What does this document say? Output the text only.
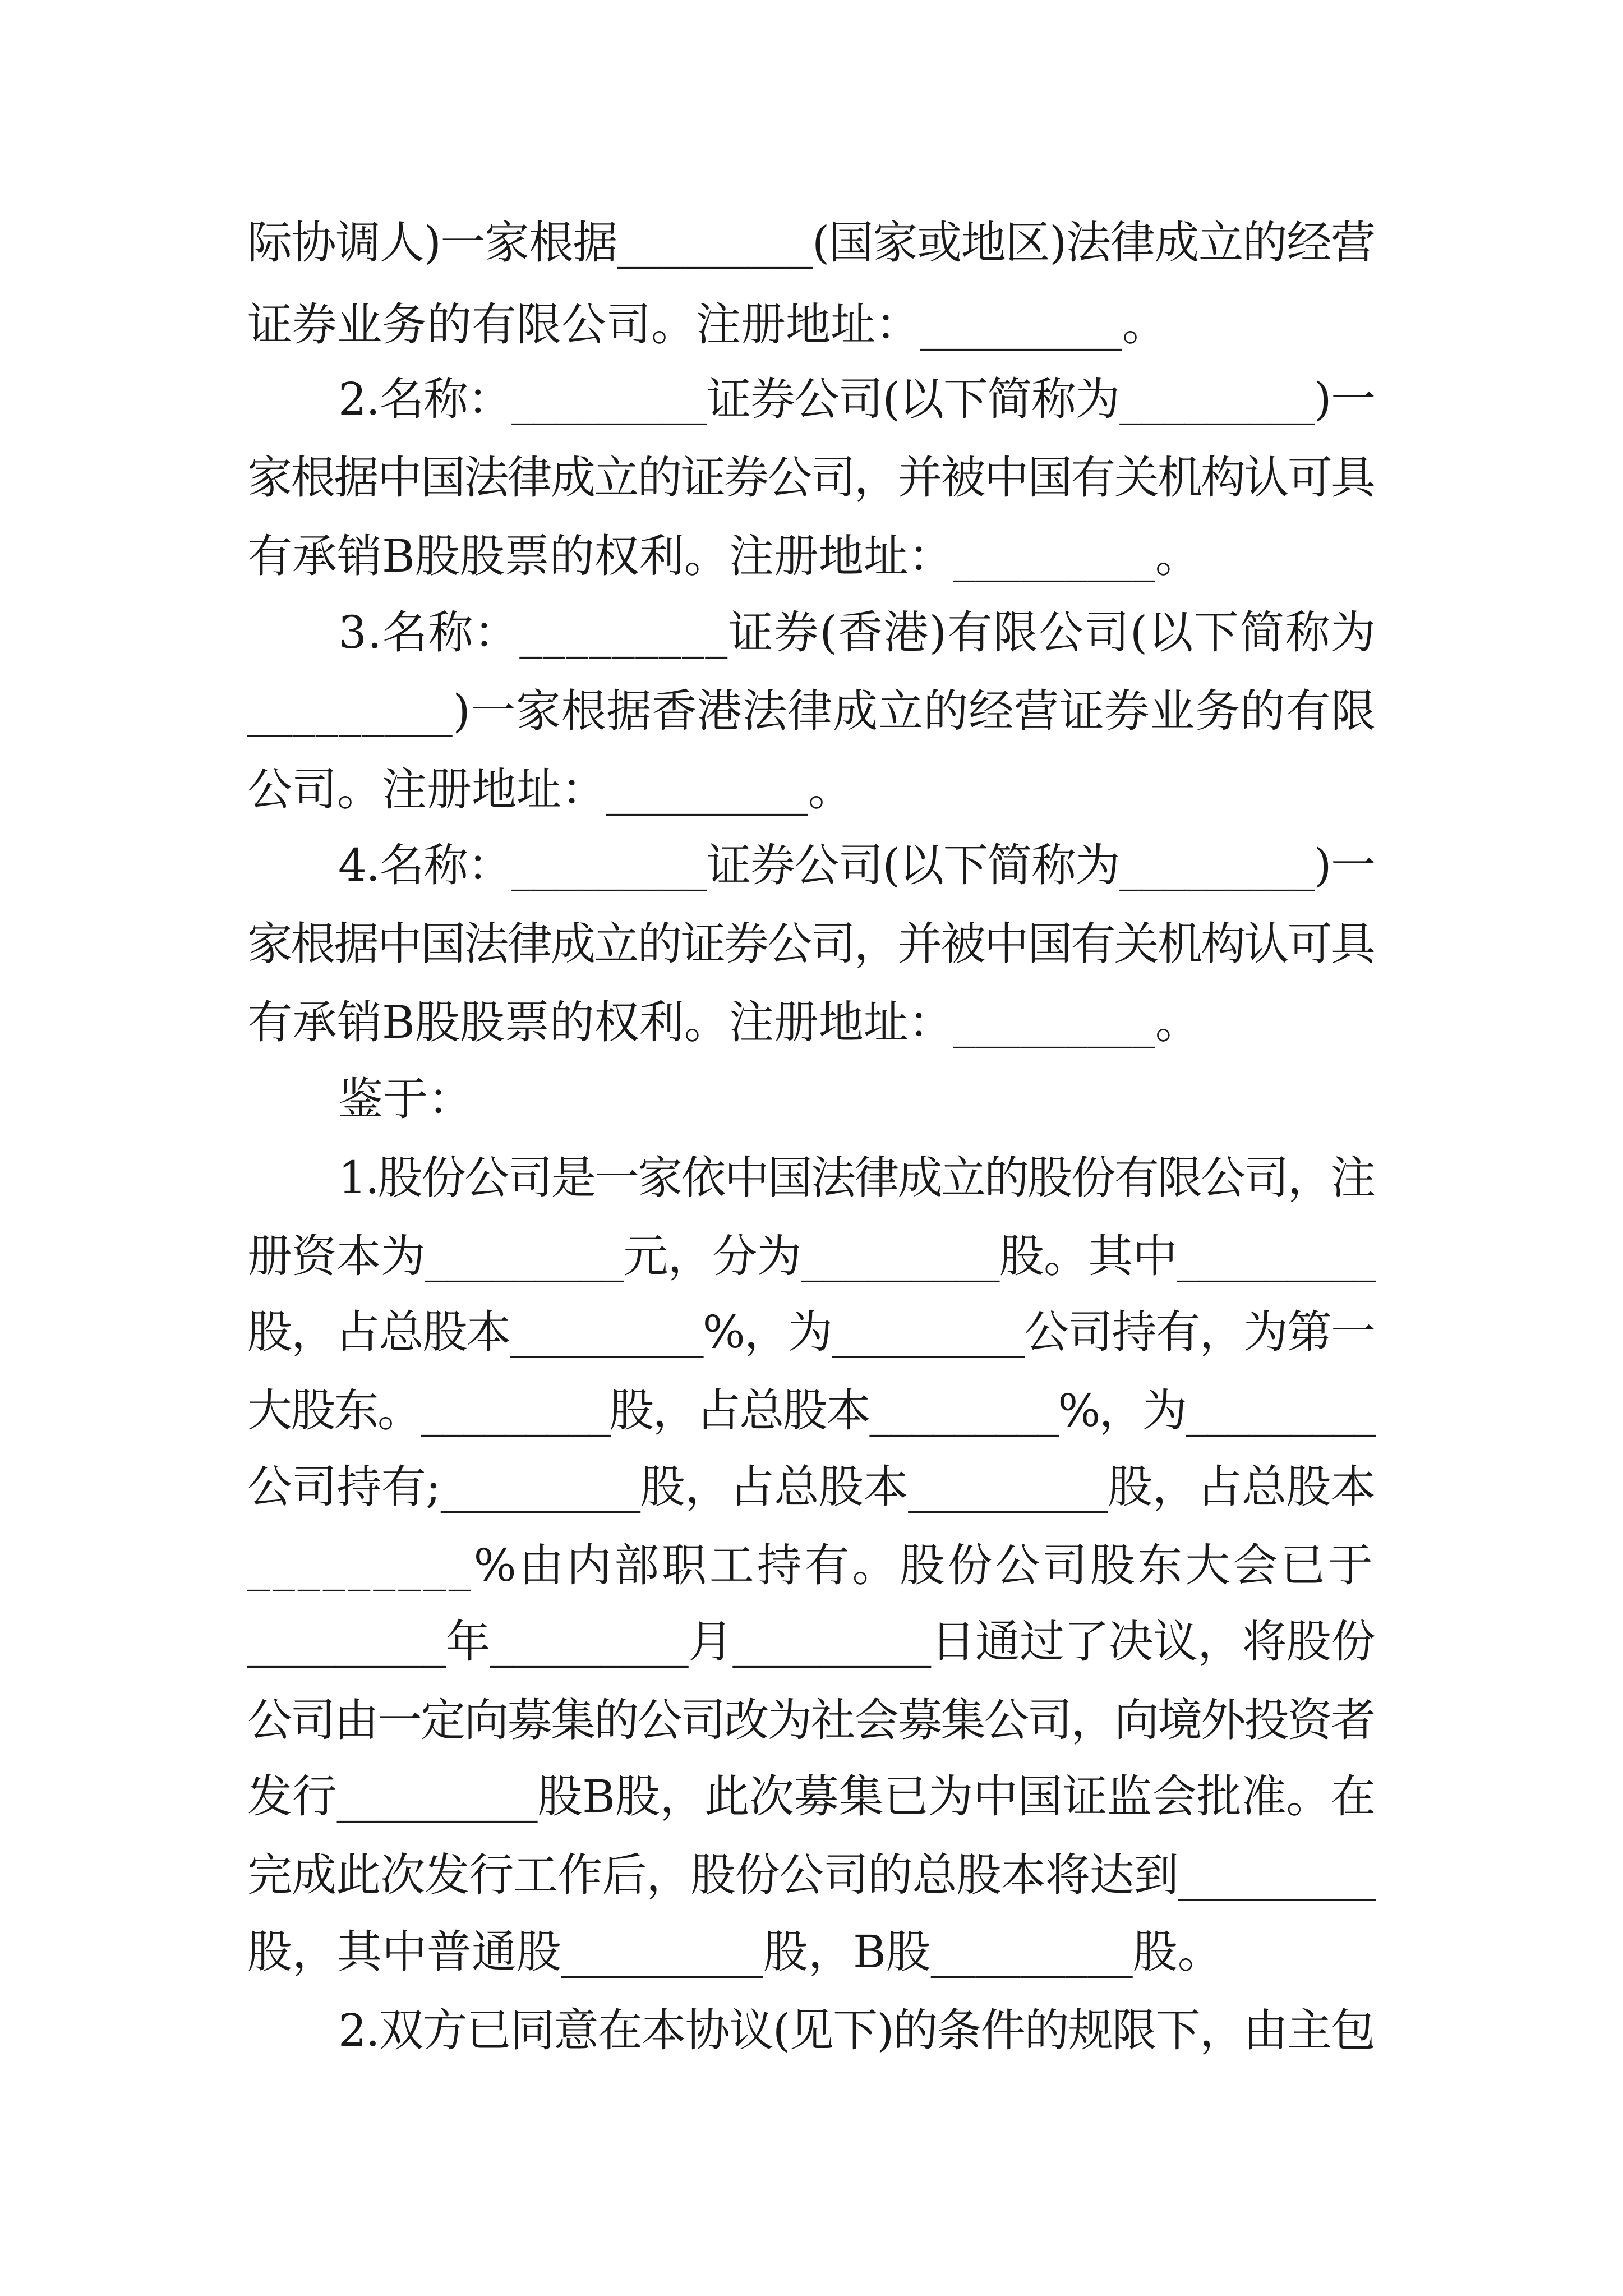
际协调人)一家根据_________(国家或地区)法律成立的经营
证券业务的有限公司。注册地址：_________。
2.名称：_________证券公司(以下简称为_________)一
家根据中国法律成立的证券公司，并被中国有关机构认可具
有承销B股股票的权利。注册地址：_________。
3.名称：_________证券(香港)有限公司(以下简称为
_________)一家根据香港法律成立的经营证券业务的有限
公司。注册地址：_________。
4.名称：_________证券公司(以下简称为_________)一
家根据中国法律成立的证券公司，并被中国有关机构认可具
有承销B股股票的权利。注册地址：_________。
鉴于：
1.股份公司是一家依中国法律成立的股份有限公司，注
册资本为_________元，分为_________股。其中_________
股，占总股本_________%，为_________公司持有，为第一
大股东。_________股，占总股本_________%，为_________
公司持有;_________股，占总股本_________股，占总股本
_________%由内部职工持有。股份公司股东大会已于
_________年_________月_________日通过了决议，将股份
公司由一定向募集的公司改为社会募集公司，向境外投资者
发行_________股B股，此次募集已为中国证监会批准。在
完成此次发行工作后，股份公司的总股本将达到_________
股，其中普通股_________股，B股_________股。
2.双方已同意在本协议(见下)的条件的规限下，由主包
